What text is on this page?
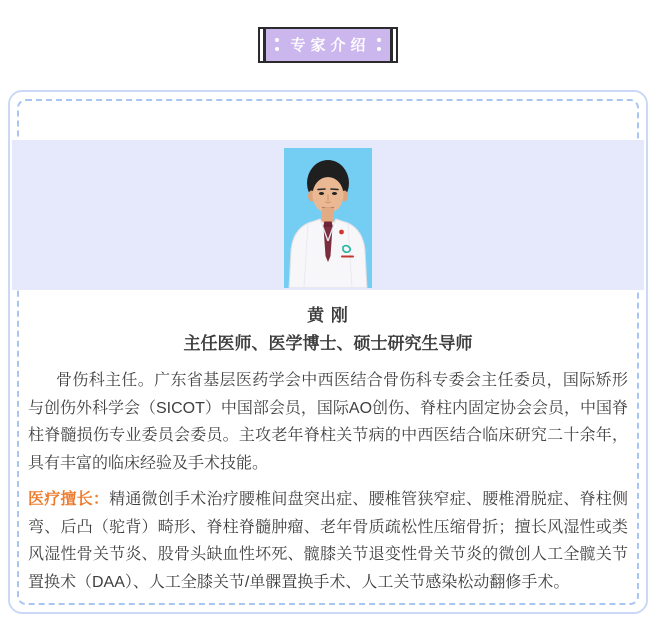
专家介绍

黄 刚

主任医师、医学博士、硕士研究生导师

骨伤科主任。广东省基层医药学会中西医结合骨伤科专委会主任委员，国际矫形与创伤外科学会（SICOT）中国部会员，国际AO创伤、脊柱内固定协会会员，中国脊柱脊髓损伤专业委员会委员。主攻老年脊柱关节病的中西医结合临床研究二十余年，具有丰富的临床经验及手术技能。

医疗擅长：精通微创手术治疗腰椎间盘突出症、腰椎管狭窄症、腰椎滑脱症、脊柱侧弯、后凸（驼背）畸形、脊柱脊髓肿瘤、老年骨质疏松性压缩骨折；擅长风湿性或类风湿性骨关节炎、股骨头缺血性坏死、髋膝关节退变性骨关节炎的微创人工全髋关节置换术（DAA）、人工全膝关节/单髁置换手术、人工关节感染松动翻修手术。
